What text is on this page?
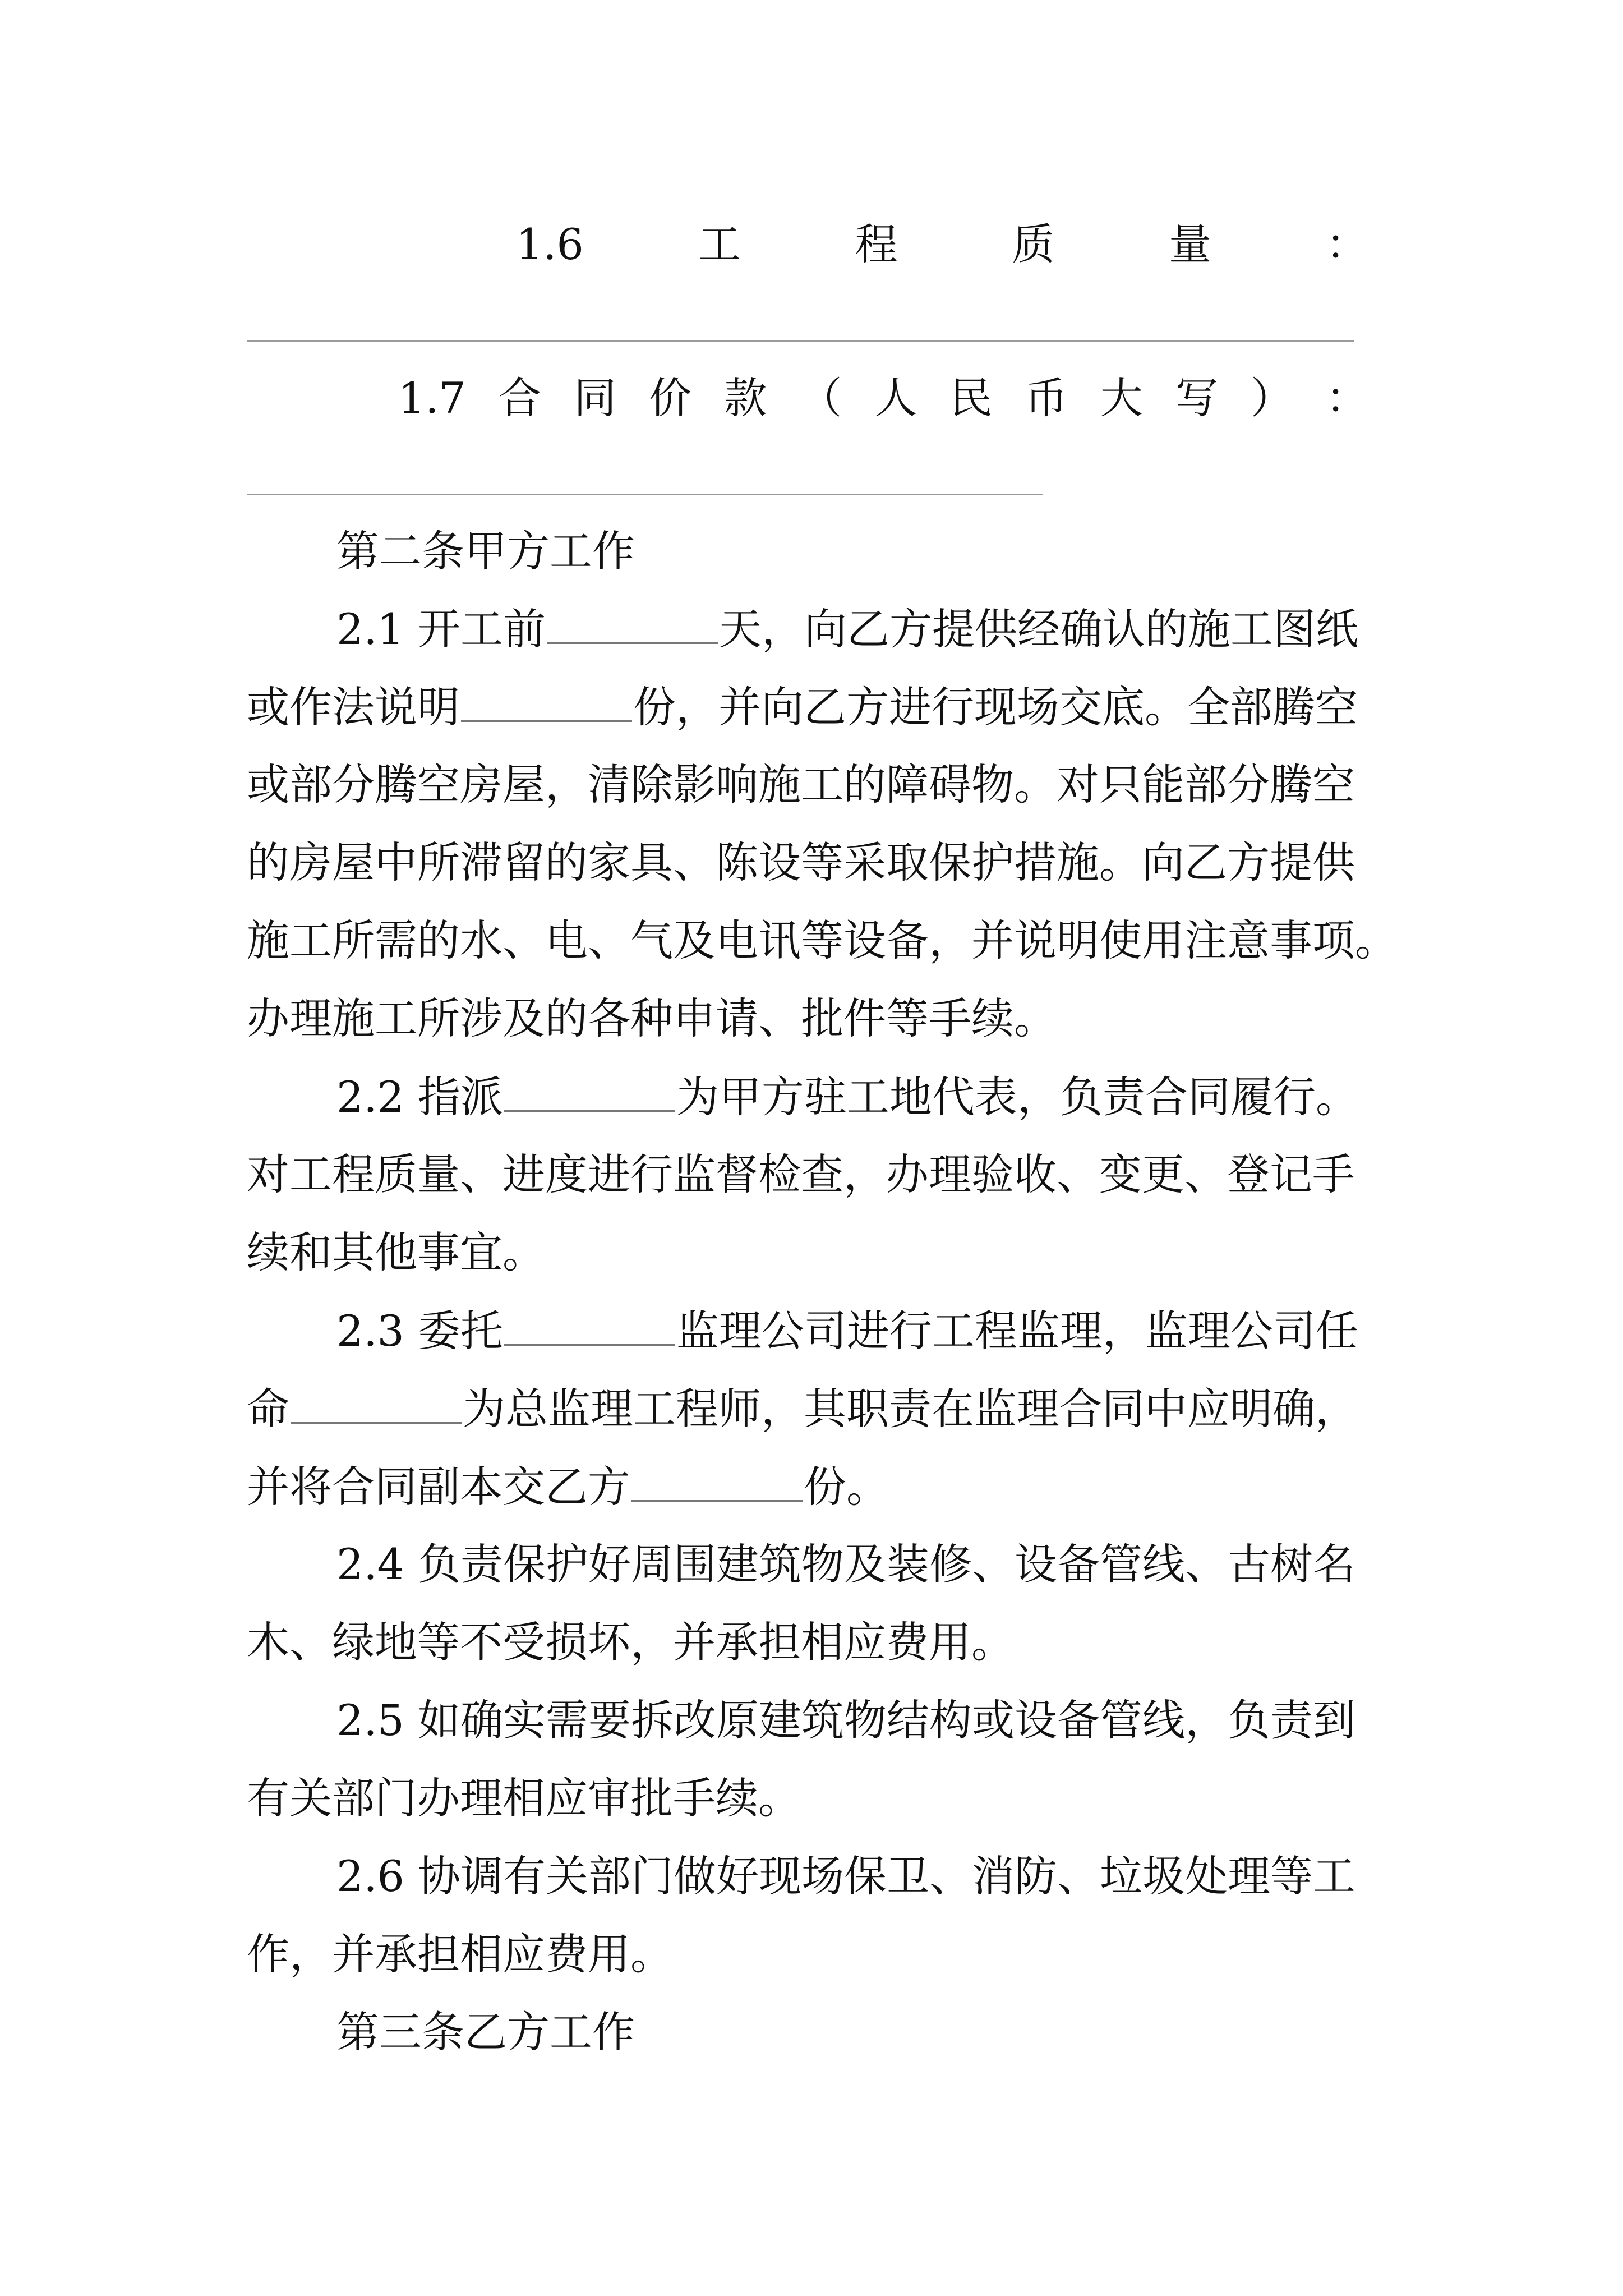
1.6	工	程	质	量	：
1.7 合 同 价 款 （ 人 民 币 大 写 ） ：
第二条甲方工作
2.1 开工前	天，向乙方提供经确认的施工图纸
或作法说明	份，并向乙方进行现场交底。全部腾空
或部分腾空房屋，清除影响施工的障碍物。对只能部分腾空
的房屋中所滞留的家具、陈设等采取保护措施。向乙方提供
施工所需的水、电、气及电讯等设备，并说明使用注意事项。
办理施工所涉及的各种申请、批件等手续。
2.2 指派	为甲方驻工地代表，负责合同履行。
对工程质量、进度进行监督检查，办理验收、变更、登记手
续和其他事宜。
2.3 委托	监理公司进行工程监理，监理公司任
命	为总监理工程师，其职责在监理合同中应明确，
并将合同副本交乙方	份。
2.4 负责保护好周围建筑物及装修、设备管线、古树名
木、绿地等不受损坏，并承担相应费用。
2.5 如确实需要拆改原建筑物结构或设备管线，负责到
有关部门办理相应审批手续。
2.6 协调有关部门做好现场保卫、消防、垃圾处理等工
作，并承担相应费用。
第三条乙方工作
